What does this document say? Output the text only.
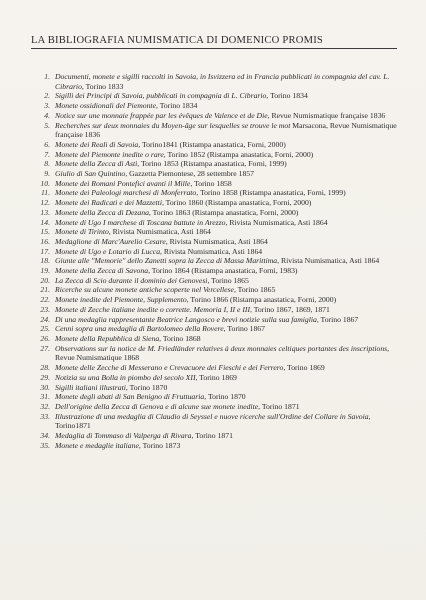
LA BIBLIOGRAFIA NUMISMATICA DI DOMENICO PROMIS
1. Documenti, monete e sigilli raccolti in Savoia, in Isvizzera ed in Francia pubblicati in compagnia del cav. L. Cibrario, Torino 1833
2. Sigilli dei Principi di Savoia, pubblicati in compagnia di L. Cibrario, Torino 1834
3. Monete ossidionali del Piemonte, Torino 1834
4. Notice sur une monnaie frappée par les évêques de Valence et de Die, Revue Numismatique française 1836
5. Recherches sur deux monnaies du Moyen-âge sur lesquelles se trouve le mot Marsacona, Revue Numismatique française 1836
6. Monete dei Reali di Savoia, Torino1841 (Ristampa anastatica, Forni, 2000)
7. Monete del Piemonte inedite o rare, Torino 1852 (Ristampa anastatica, Forni, 2000)
8. Monete della Zecca di Asti, Torino 1853 (Ristampa anastatica, Forni, 1999)
9. Giulio di San Quintino, Gazzetta Piemontese, 28 settembre 1857
10. Monete dei Romani Pontefici avanti il Mille, Torino 1858
11. Monete dei Paleologi marchesi di Monferrato, Torino 1858 (Ristampa anastatica, Forni, 1999)
12. Monete dei Radicati e dei Mazzetti, Torino 1860 (Ristampa anastatica, Forni, 2000)
13. Monete della Zecca di Dezana, Torino 1863 (Ristampa anastatica, Forni, 2000)
14. Monete di Ugo I marchese di Toscana battute in Arezzo, Rivista Numismatica, Asti 1864
15. Monete di Tirinto, Rivista Numismatica, Asti 1864
16. Medaglione di Marc'Aurelio Cesare, Rivista Numismatica, Asti 1864
17. Monete di Ugo e Lotario di Lucca, Rivista Numismatica, Asti 1864
18. Giunte alle "Memorie" dello Zanetti sopra la Zecca di Massa Marittima, Rivista Numismatica, Asti 1864
19. Monete della Zecca di Savona, Torino 1864 (Ristampa anastatica, Forni, 1983)
20. La Zecca di Scio durante il dominio dei Genovesi, Torino 1865
21. Ricerche su alcune monete antiche scoperte nel Vercellese, Torino 1865
22. Monete inedite del Piemonte, Supplemento, Torino 1866 (Ristampa anastatica, Forni, 2000)
23. Monete di Zecche italiane inedite o corrette. Memoria I, II e III, Torino 1867, 1869, 1871
24. Di una medaglia rappresentante Beatrice Langosco e brevi notizie sulla sua famiglia, Torino 1867
25. Cenni sopra una medaglia di Bartolomeo della Rovere, Torino 1867
26. Monete della Repubblica di Siena, Torino 1868
27. Observations sur la notice de M. Friedländer relatives à deux monnaies celtiques portantes des inscriptions, Revue Numismatique 1868
28. Monete delle Zecche di Messerano e Crevacuore dei Fieschi e dei Ferrero, Torino 1869
29. Notizia su una Bolla in piombo del secolo XII, Torino 1869
30. Sigilli italiani illustrati, Torino 1870
31. Monete degli abati di San Benigno di Fruttuaria, Torino 1870
32. Dell'origine della Zecca di Genova e di alcune sue monete inedite, Torino 1871
33. Illustrazione di una medaglia di Claudio di Seyssel e nuove ricerche sull'Ordine del Collare in Savoia, Torino1871
34. Medaglia di Tommaso di Valperga di Rivara, Torino 1871
35. Monete e medaglie italiane, Torino 1873
